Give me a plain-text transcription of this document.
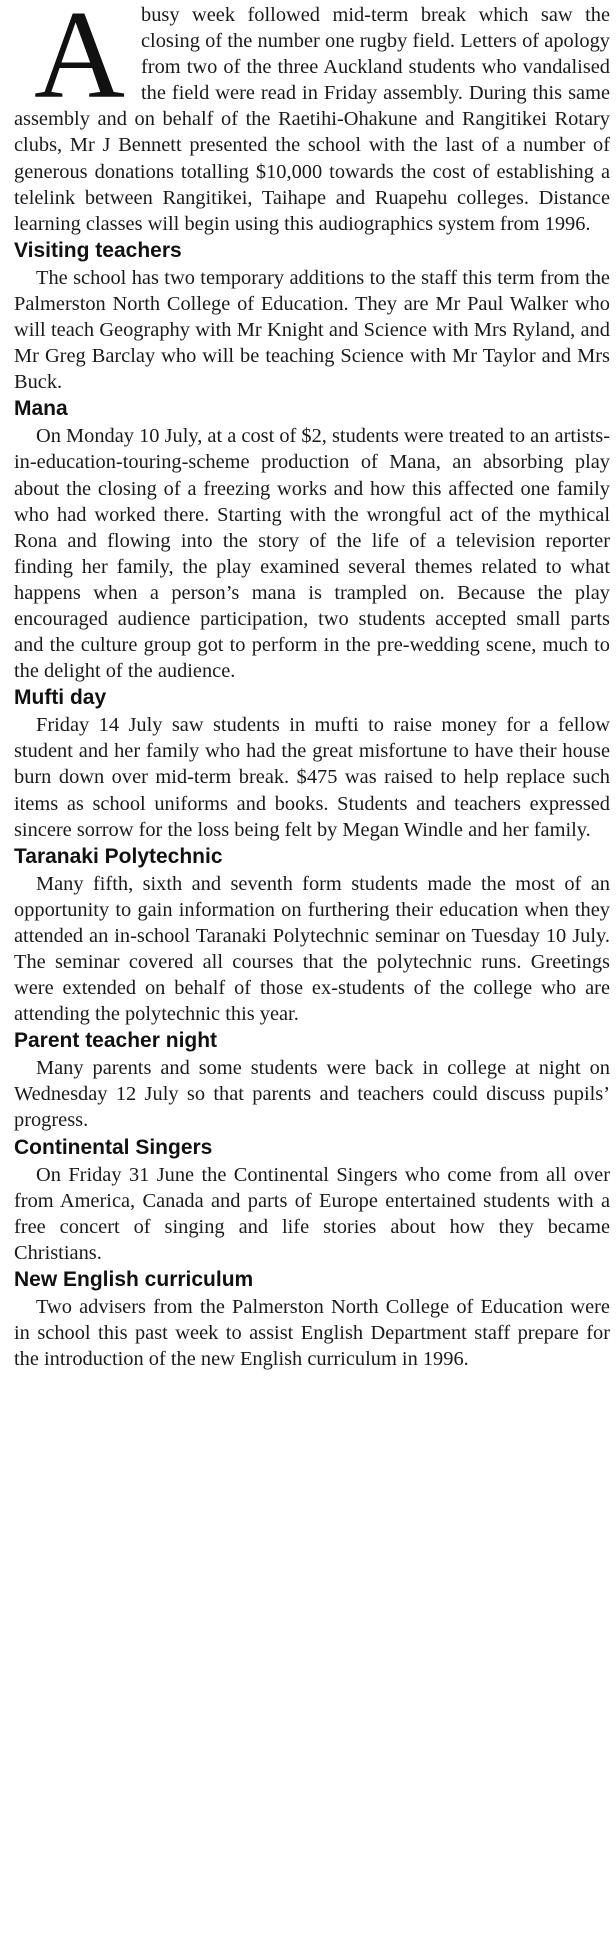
Abusy week followed mid-term break which saw the closing of the number one rugby field. Letters of apology from two of the three Auckland students who vandalised the field were read in Friday assembly. During this same assembly and on behalf of the Raetihi-Ohakune and Rangitikei Rotary clubs, Mr J Bennett presented the school with the last of a number of generous donations totalling $10,000 towards the cost of establishing a telelink between Rangitikei, Taihape and Ruapehu colleges. Distance learning classes will begin using this audiographics system from 1996.

Visiting teachers

The school has two temporary additions to the staff this term from the Palmerston North College of Education. They are Mr Paul Walker who will teach Geography with Mr Knight and Science with Mrs Ryland, and Mr Greg Barclay who will be teaching Science with Mr Taylor and Mrs Buck.

Mana

On Monday 10 July, at a cost of $2, students were treated to an artists-in-education-touring-scheme production of Mana, an absorbing play about the closing of a freezing works and how this affected one family who had worked there. Starting with the wrongful act of the mythical Rona and flowing into the story of the life of a television reporter finding her family, the play examined several themes related to what happens when a person’s mana is trampled on. Because the play encouraged audience participation, two students accepted small parts and the culture group got to perform in the pre-wedding scene, much to the delight of the audience.

Mufti day

Friday 14 July saw students in mufti to raise money for a fellow student and her family who had the great misfortune to have their house burn down over mid-term break. $475 was raised to help replace such items as school uniforms and books. Students and teachers expressed sincere sorrow for the loss being felt by Megan Windle and her family.

Taranaki Polytechnic

Many fifth, sixth and seventh form students made the most of an opportunity to gain information on furthering their education when they attended an in-school Taranaki Polytechnic seminar on Tuesday 10 July. The seminar covered all courses that the polytechnic runs. Greetings were extended on behalf of those ex-students of the college who are attending the polytechnic this year.

Parent teacher night

Many parents and some students were back in college at night on Wednesday 12 July so that parents and teachers could discuss pupils’ progress.

Continental Singers

On Friday 31 June the Continental Singers who come from all over from America, Canada and parts of Europe entertained students with a free concert of singing and life stories about how they became Christians.

New English curriculum

Two advisers from the Palmerston North College of Education were in school this past week to assist English Department staff prepare for the introduction of the new English curriculum in 1996.
